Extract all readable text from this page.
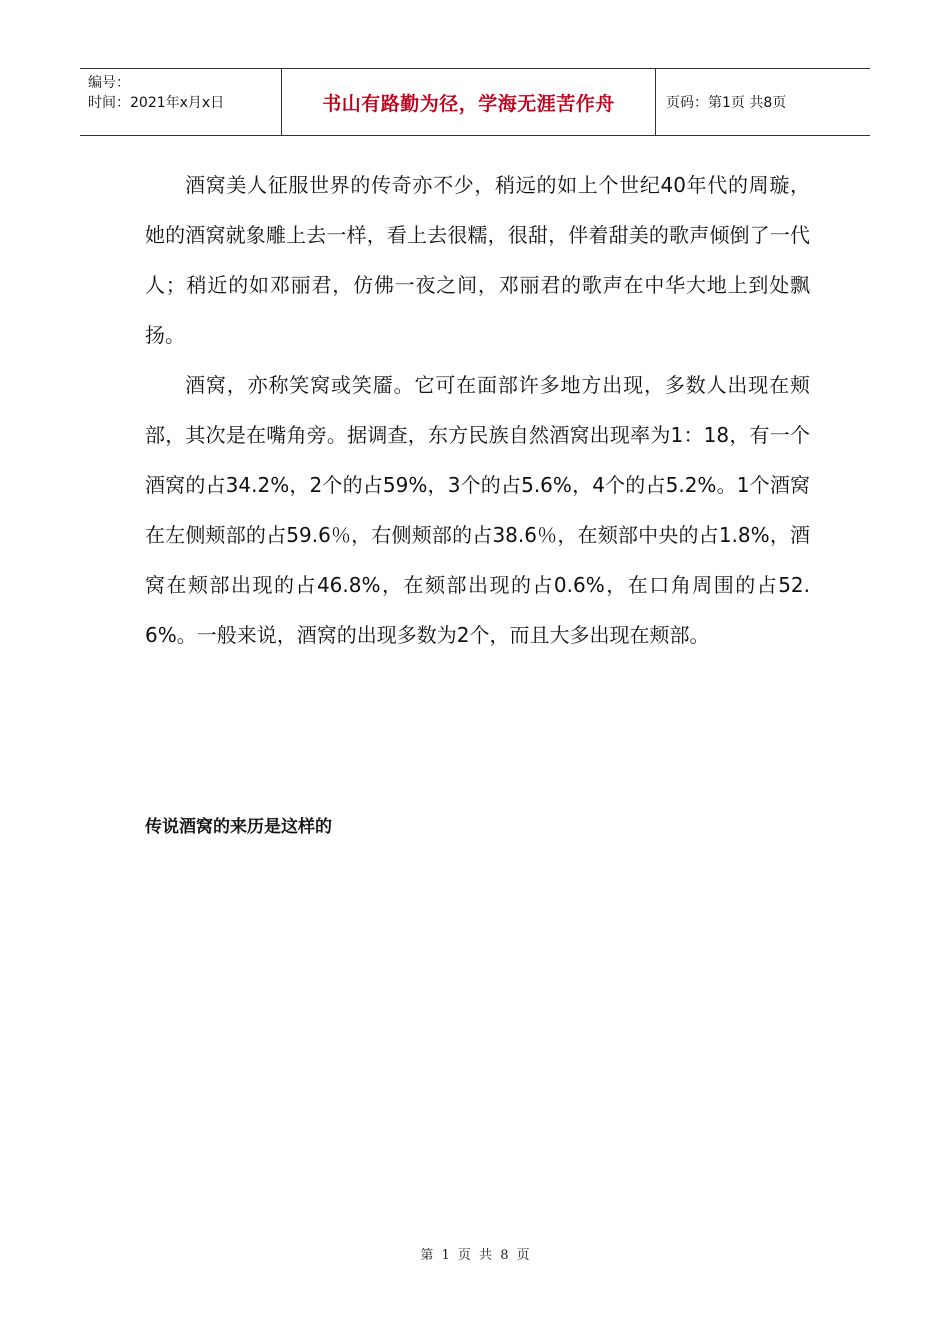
编号：
时间：2021年x月x日	书山有路勤为径，学海无涯苦作舟	页码：第1页 共8页

酒窝美人征服世界的传奇亦不少，稍远的如上个世纪40年代的周璇，她的酒窝就象雕上去一样，看上去很糯，很甜，伴着甜美的歌声倾倒了一代人；稍近的如邓丽君，仿佛一夜之间，邓丽君的歌声在中华大地上到处飘扬。

酒窝，亦称笑窝或笑靥。它可在面部许多地方出现，多数人出现在颊部，其次是在嘴角旁。据调查，东方民族自然酒窝出现率为1：18，有一个酒窝的占34.2%，2个的占59%，3个的占5.6%，4个的占5.2%。1个酒窝在左侧颊部的占59.6％，右侧颊部的占38.6％，在颏部中央的占1.8%，酒窝在颊部出现的占46.8%，在颏部出现的占0.6%，在口角周围的占52.6%。一般来说，酒窝的出现多数为2个，而且大多出现在颊部。

传说酒窝的来历是这样的
第 1 页 共 8 页
